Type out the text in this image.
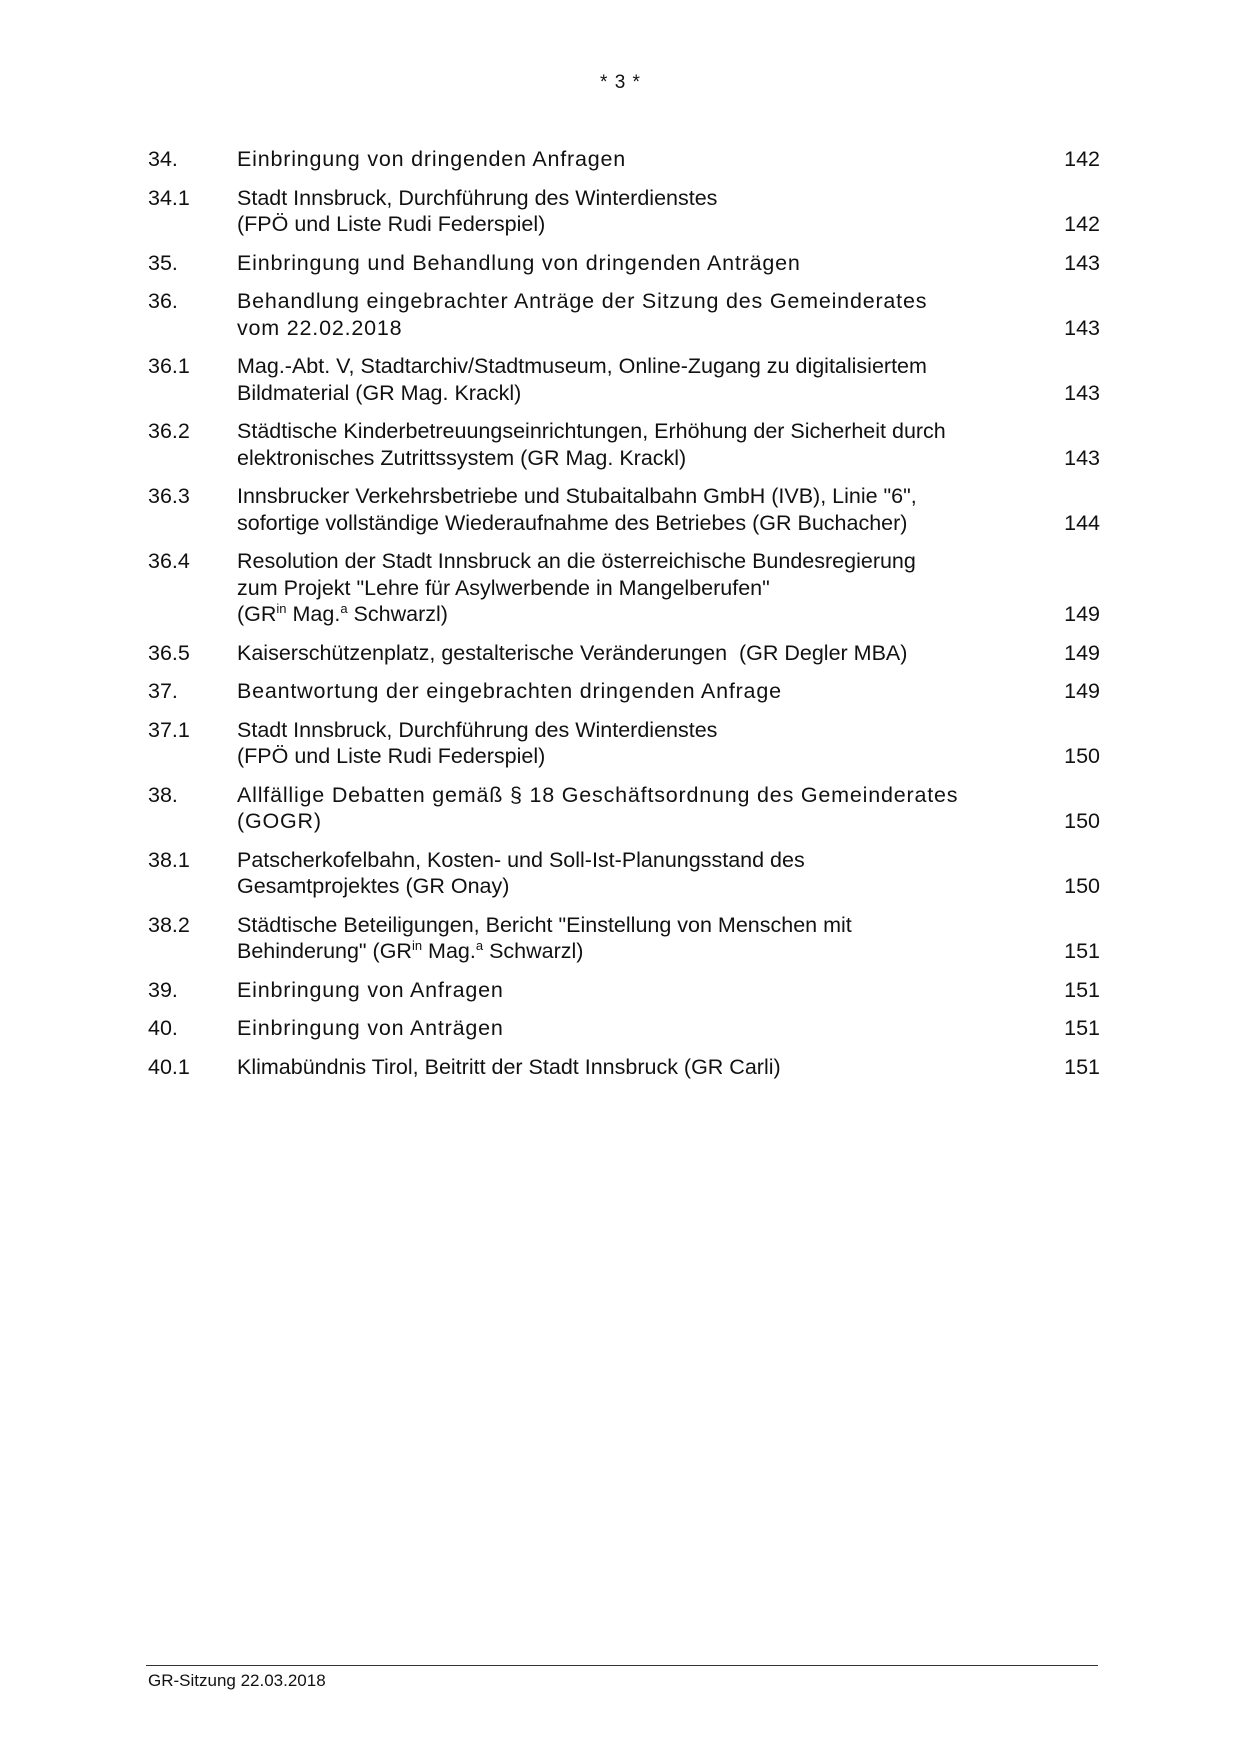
* 3 *
34.	Einbringung von dringenden Anfragen	142
34.1	Stadt Innsbruck, Durchführung des Winterdienstes
(FPÖ und Liste Rudi Federspiel)	142
35.	Einbringung und Behandlung von dringenden Anträgen	143
36.	Behandlung eingebrachter Anträge der Sitzung des Gemeinderates
vom 22.02.2018	143
36.1	Mag.-Abt. V, Stadtarchiv/Stadtmuseum, Online-Zugang zu digitalisiertem
Bildmaterial (GR Mag. Krackl)	143
36.2	Städtische Kinderbetreuungseinrichtungen, Erhöhung der Sicherheit durch
elektronisches Zutrittssystem (GR Mag. Krackl)	143
36.3	Innsbrucker Verkehrsbetriebe und Stubaitalbahn GmbH (IVB), Linie "6",
sofortige vollständige Wiederaufnahme des Betriebes (GR Buchacher)	144
36.4	Resolution der Stadt Innsbruck an die österreichische Bundesregierung
zum Projekt "Lehre für Asylwerbende in Mangelberufen"
($GR^{in}$ Mag.$^a$ Schwarzl)	149
36.5	Kaiserschützenplatz, gestalterische Veränderungen  (GR Degler MBA)	149
37.	Beantwortung der eingebrachten dringenden Anfrage	149
37.1	Stadt Innsbruck, Durchführung des Winterdienstes
(FPÖ und Liste Rudi Federspiel)	150
38.	Allfällige Debatten gemäß § 18 Geschäftsordnung des Gemeinderates
(GOGR)	150
38.1	Patscherkofelbahn, Kosten- und Soll-Ist-Planungsstand des
Gesamtprojektes (GR Onay)	150
38.2	Städtische Beteiligungen, Bericht "Einstellung von Menschen mit
Behinderung" ($GR^{in}$ Mag.$^a$ Schwarzl)	151
39.	Einbringung von Anfragen	151
40.	Einbringung von Anträgen	151
40.1	Klimabündnis Tirol, Beitritt der Stadt Innsbruck (GR Carli)	151
GR-Sitzung 22.03.2018
